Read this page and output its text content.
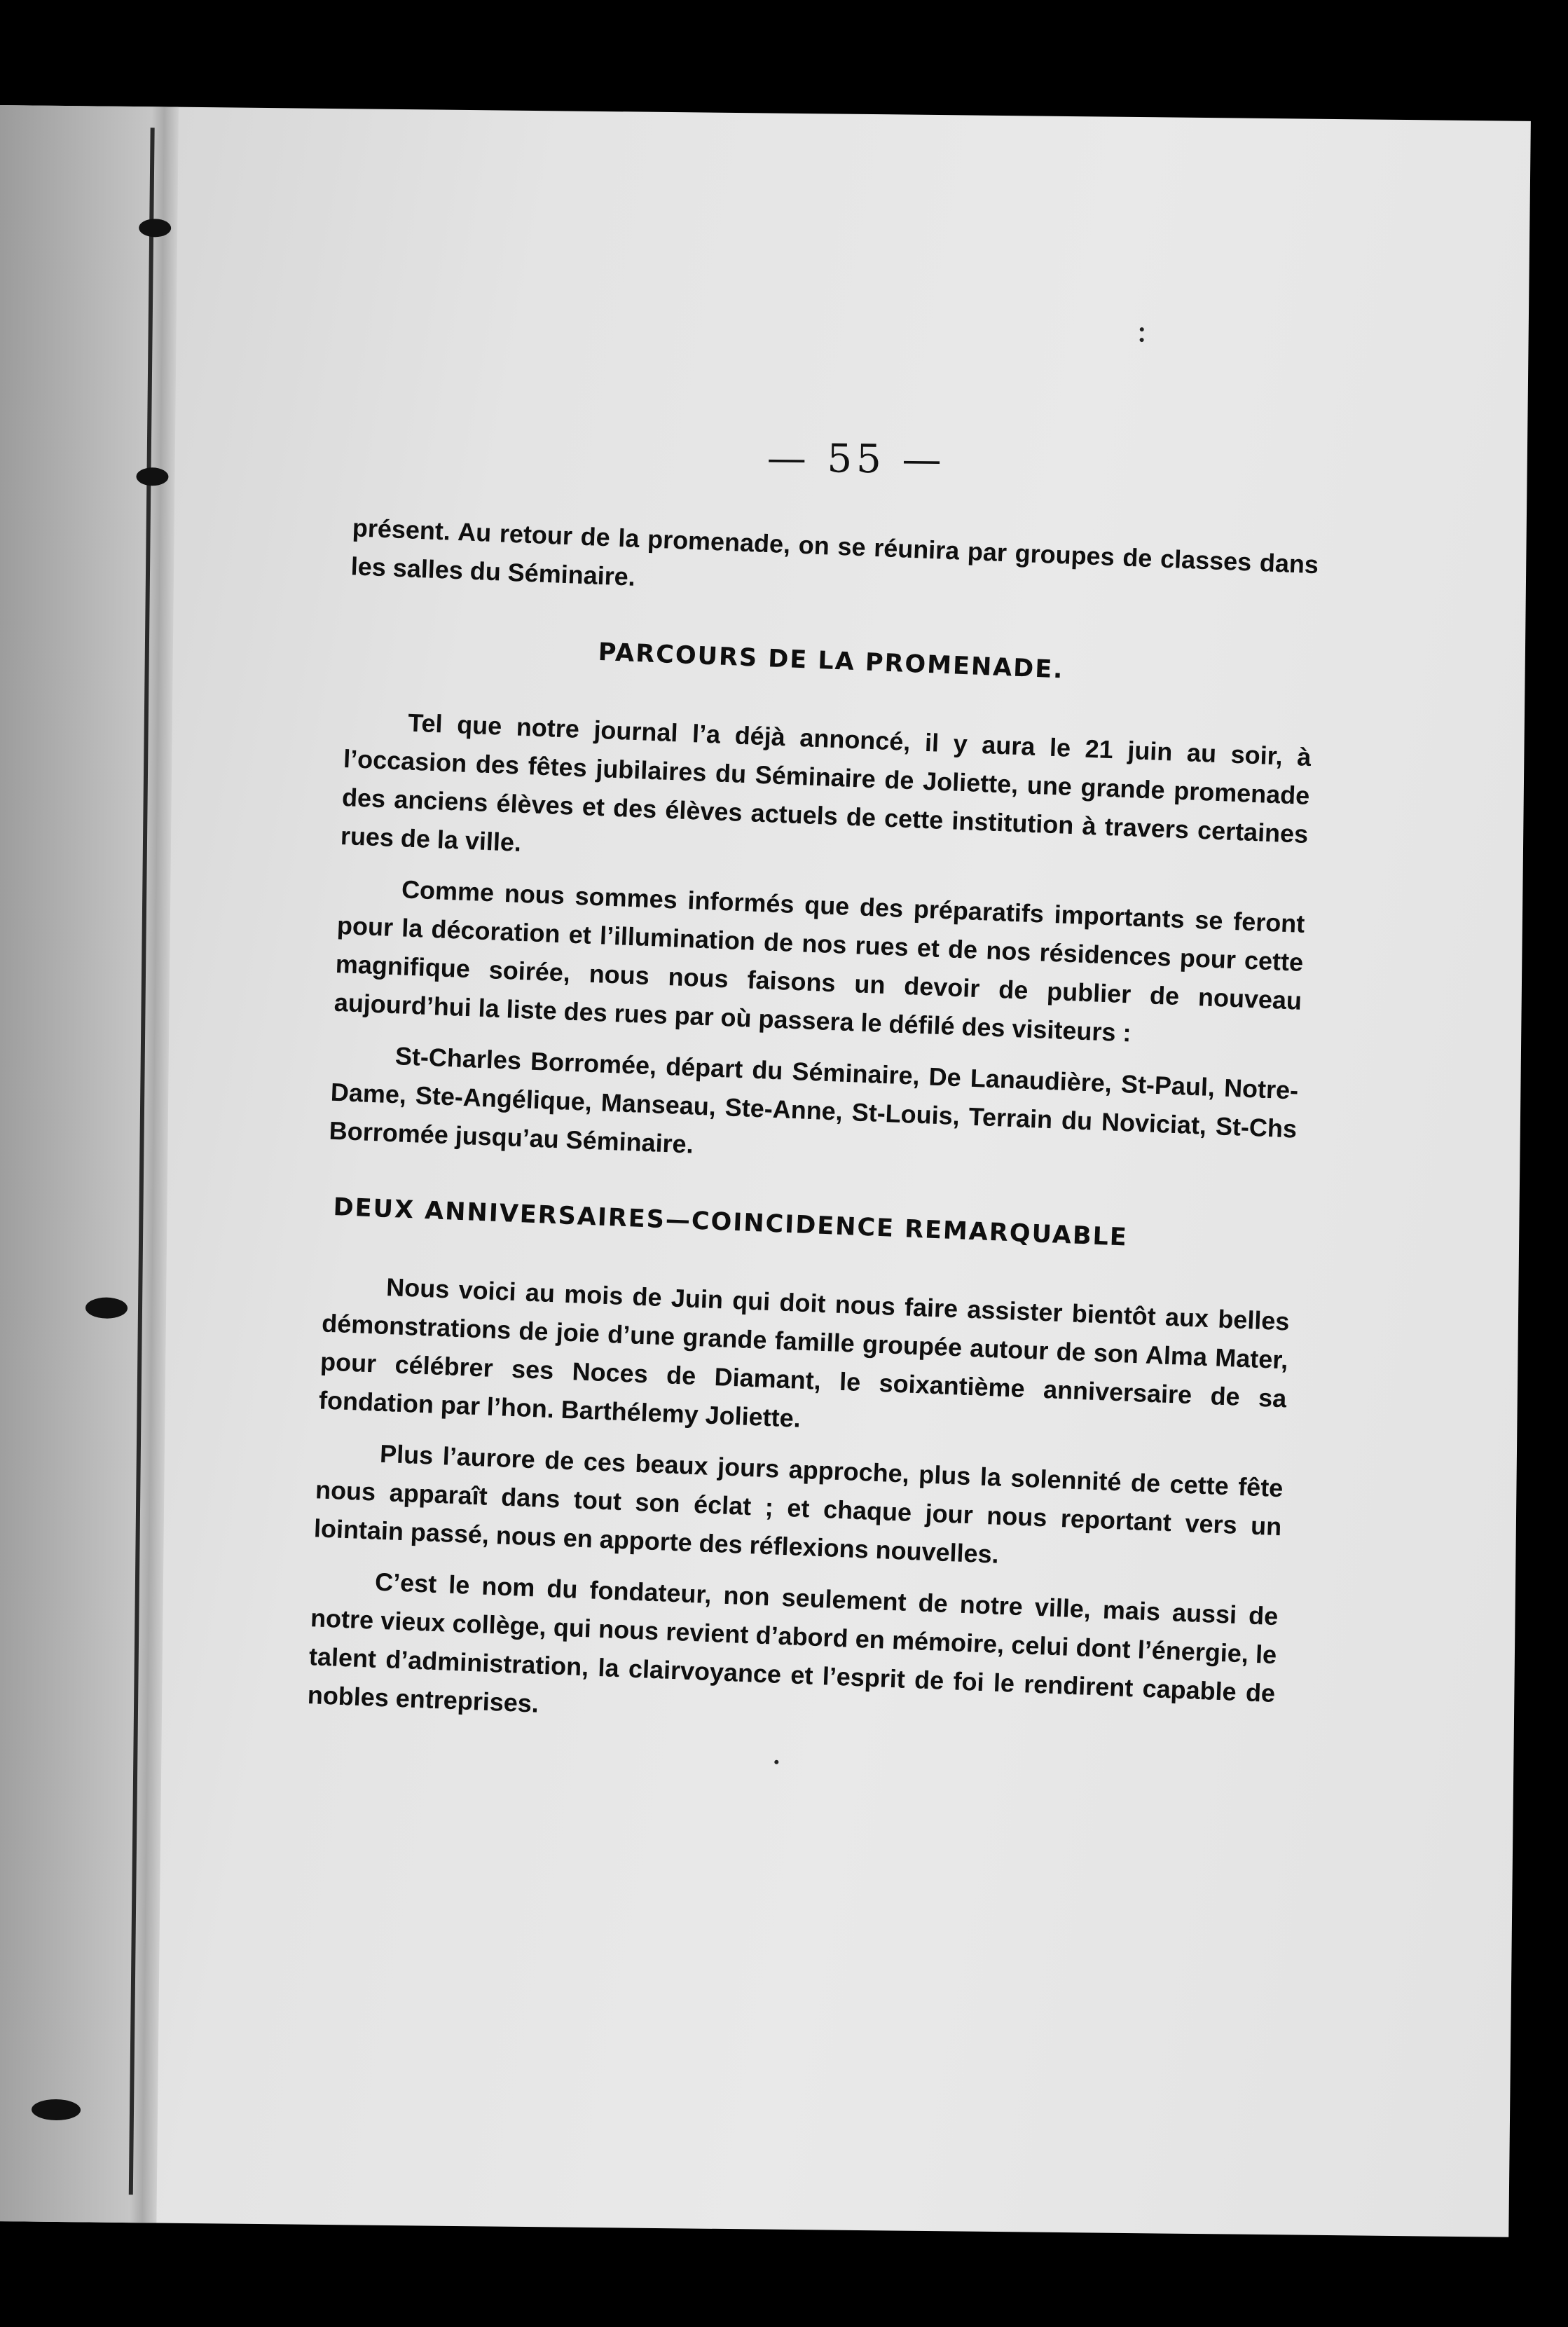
— 55 —

présent. Au retour de la promenade, on se réunira par groupes de classes dans les salles du Séminaire.

PARCOURS DE LA PROMENADE.

Tel que notre journal l’a déjà annoncé, il y aura le 21 juin au soir, à l’occasion des fêtes jubilaires du Séminaire de Joliette, une grande promenade des anciens élèves et des élèves actuels de cette institution à travers certaines rues de la ville.

Comme nous sommes informés que des préparatifs importants se feront pour la décoration et l’illumination de nos rues et de nos résidences pour cette magnifique soirée, nous nous faisons un devoir de publier de nouveau aujourd’hui la liste des rues par où passera le défilé des visiteurs :

St-Charles Borromée, départ du Séminaire, De Lanaudière, St-Paul, Notre-Dame, Ste-Angélique, Manseau, Ste-Anne, St-Louis, Terrain du Noviciat, St-Chs Borromée jusqu’au Séminaire.

DEUX ANNIVERSAIRES—COINCIDENCE REMARQUABLE

Nous voici au mois de Juin qui doit nous faire assister bientôt aux belles démonstrations de joie d’une grande famille groupée autour de son Alma Mater, pour célébrer ses Noces de Diamant, le soixantième anniversaire de sa fondation par l’hon. Barthélemy Joliette.

Plus l’aurore de ces beaux jours approche, plus la solennité de cette fête nous apparaît dans tout son éclat ; et chaque jour nous reportant vers un lointain passé, nous en apporte des réflexions nouvelles.

C’est le nom du fondateur, non seulement de notre ville, mais aussi de notre vieux collège, qui nous revient d’abord en mémoire, celui dont l’énergie, le talent d’administration, la clairvoyance et l’esprit de foi le rendirent capable de nobles entreprises.
